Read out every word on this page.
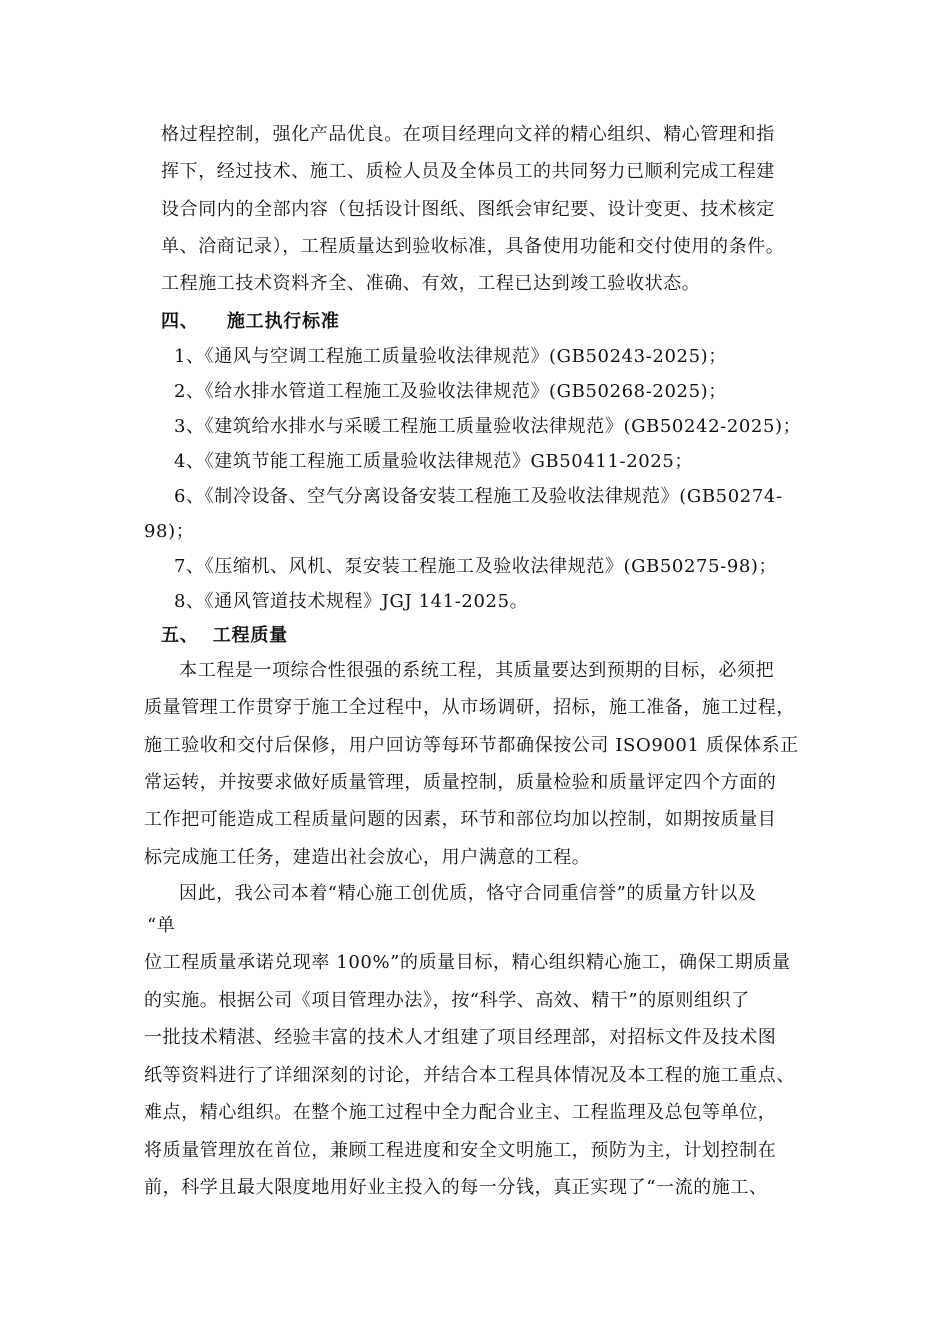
格过程控制，强化产品优良。在项目经理向文祥的精心组织、精心管理和指
挥下，经过技术、施工、质检人员及全体员工的共同努力已顺利完成工程建
设合同内的全部内容（包括设计图纸、图纸会审纪要、设计变更、技术核定
单、洽商记录），工程质量达到验收标准，具备使用功能和交付使用的条件。
工程施工技术资料齐全、准确、有效，工程已达到竣工验收状态。
四、    施工执行标准
1、《通风与空调工程施工质量验收法律规范》(GB50243-2025)；
2、《给水排水管道工程施工及验收法律规范》(GB50268-2025)；
3、《建筑给水排水与采暖工程施工质量验收法律规范》(GB50242-2025)；
4、《建筑节能工程施工质量验收法律规范》GB50411-2025；
6、《制冷设备、空气分离设备安装工程施工及验收法律规范》(GB50274-
98)；
7、《压缩机、风机、泵安装工程施工及验收法律规范》(GB50275-98)；
8、《通风管道技术规程》JGJ 141-2025。
五、  工程质量
本工程是一项综合性很强的系统工程，其质量要达到预期的目标，必须把
质量管理工作贯穿于施工全过程中，从市场调研，招标，施工准备，施工过程，
施工验收和交付后保修，用户回访等每环节都确保按公司 ISO9001 质保体系正
常运转，并按要求做好质量管理，质量控制，质量检验和质量评定四个方面的
工作把可能造成工程质量问题的因素，环节和部位均加以控制，如期按质量目
标完成施工任务，建造出社会放心，用户满意的工程。
因此，我公司本着“精心施工创优质，恪守合同重信誉”的质量方针以及
“单
位工程质量承诺兑现率 100%”的质量目标，精心组织精心施工，确保工期质量
的实施。根据公司《项目管理办法》，按“科学、高效、精干”的原则组织了
一批技术精湛、经验丰富的技术人才组建了项目经理部，对招标文件及技术图
纸等资料进行了详细深刻的讨论，并结合本工程具体情况及本工程的施工重点、
难点，精心组织。在整个施工过程中全力配合业主、工程监理及总包等单位，
将质量管理放在首位，兼顾工程进度和安全文明施工，预防为主，计划控制在
前，科学且最大限度地用好业主投入的每一分钱，真正实现了“一流的施工、
